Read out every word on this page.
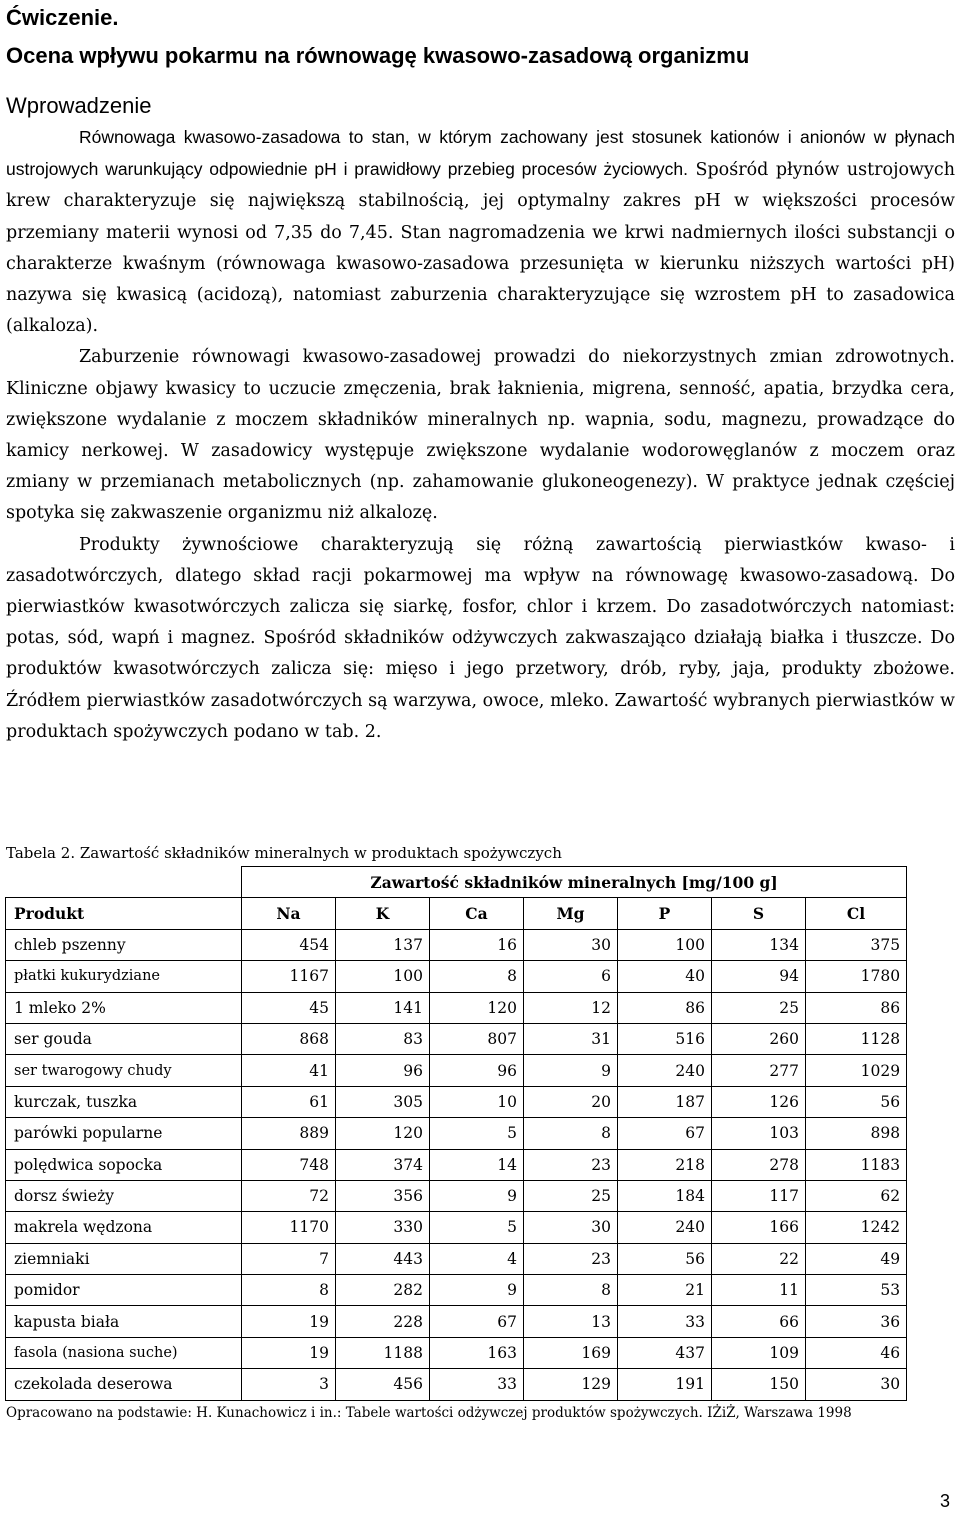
Ćwiczenie.

Ocena wpływu pokarmu na równowagę kwasowo-zasadową organizmu

Wprowadzenie

Równowaga kwasowo-zasadowa to stan, w którym zachowany jest stosunek kationów i anionów w płynach ustrojowych warunkujący odpowiednie pH i prawidłowy przebieg procesów życiowych. Spośród płynów ustrojowych krew charakteryzuje się największą stabilnością, jej optymalny zakres pH w większości procesów przemiany materii wynosi od 7,35 do 7,45. Stan nagromadzenia we krwi nadmiernych ilości substancji o charakterze kwaśnym (równowaga kwasowo-zasadowa przesunięta w kierunku niższych wartości pH) nazywa się kwasicą (acidozą), natomiast zaburzenia charakteryzujące się wzrostem pH to zasadowica (alkaloza).

Zaburzenie równowagi kwasowo-zasadowej prowadzi do niekorzystnych zmian zdrowotnych. Kliniczne objawy kwasicy to uczucie zmęczenia, brak łaknienia, migrena, senność, apatia, brzydka cera, zwiększone wydalanie z moczem składników mineralnych np. wapnia, sodu, magnezu, prowadzące do kamicy nerkowej. W zasadowicy występuje zwiększone wydalanie wodorowęglanów z moczem oraz zmiany w przemianach metabolicznych (np. zahamowanie glukoneogenezy). W praktyce jednak częściej spotyka się zakwaszenie organizmu niż alkalozę.

Produkty żywnościowe charakteryzują się różną zawartością pierwiastków kwaso- i zasadotwórczych, dlatego skład racji pokarmowej ma wpływ na równowagę kwasowo-zasadową. Do pierwiastków kwasotwórczych zalicza się siarkę, fosfor, chlor i krzem. Do zasadotwórczych natomiast: potas, sód, wapń i magnez. Spośród składników odżywczych zakwaszająco działają białka i tłuszcze. Do produktów kwasotwórczych zalicza się: mięso i jego przetwory, drób, ryby, jaja, produkty zbożowe. Źródłem pierwiastków zasadotwórczych są warzywa, owoce, mleko. Zawartość wybranych pierwiastków w produktach spożywczych podano w tab. 2.

Tabela 2. Zawartość składników mineralnych w produktach spożywczych

	Zawartość składników mineralnych [mg/100 g]						
Produkt	Na	K	Ca	Mg	P	S	Cl
chleb pszenny	454	137	16	30	100	134	375
płatki kukurydziane	1167	100	8	6	40	94	1780
1 mleko 2%	45	141	120	12	86	25	86
ser gouda	868	83	807	31	516	260	1128
ser twarogowy chudy	41	96	96	9	240	277	1029
kurczak, tuszka	61	305	10	20	187	126	56
parówki popularne	889	120	5	8	67	103	898
polędwica sopocka	748	374	14	23	218	278	1183
dorsz świeży	72	356	9	25	184	117	62
makrela wędzona	1170	330	5	30	240	166	1242
ziemniaki	7	443	4	23	56	22	49
pomidor	8	282	9	8	21	11	53
kapusta biała	19	228	67	13	33	66	36
fasola (nasiona suche)	19	1188	163	169	437	109	46
czekolada deserowa	3	456	33	129	191	150	30

Opracowano na podstawie: H. Kunachowicz i in.: Tabele wartości odżywczej produktów spożywczych. IŻiŻ, Warszawa 1998

3
